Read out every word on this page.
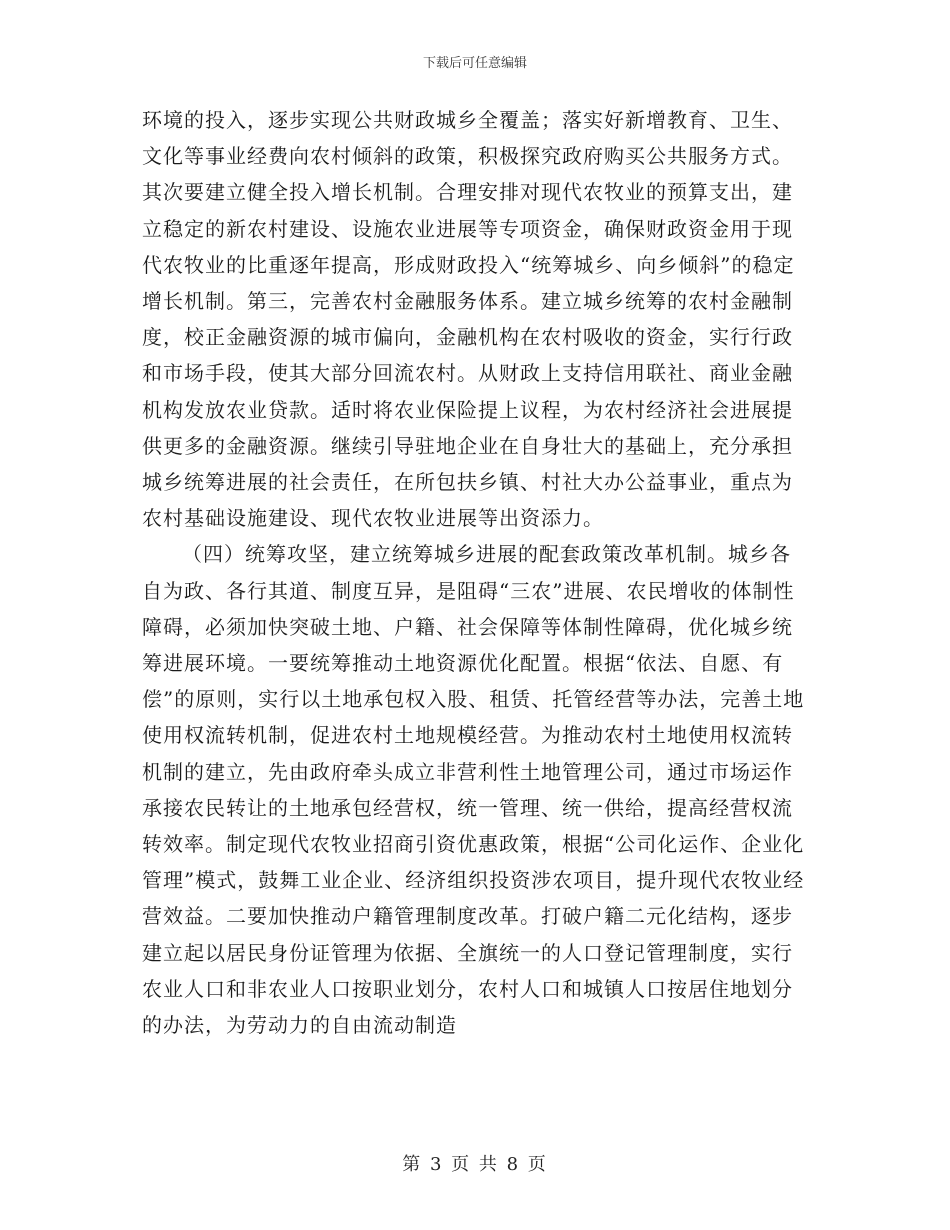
下载后可任意编辑

环境的投入，逐步实现公共财政城乡全覆盖；落实好新增教育、卫生、文化等事业经费向农村倾斜的政策，积极探究政府购买公共服务方式。其次要建立健全投入增长机制。合理安排对现代农牧业的预算支出，建立稳定的新农村建设、设施农业进展等专项资金，确保财政资金用于现代农牧业的比重逐年提高，形成财政投入“统筹城乡、向乡倾斜”的稳定增长机制。第三，完善农村金融服务体系。建立城乡统筹的农村金融制度，校正金融资源的城市偏向，金融机构在农村吸收的资金，实行行政和市场手段，使其大部分回流农村。从财政上支持信用联社、商业金融机构发放农业贷款。适时将农业保险提上议程，为农村经济社会进展提供更多的金融资源。继续引导驻地企业在自身壮大的基础上，充分承担城乡统筹进展的社会责任，在所包扶乡镇、村社大办公益事业，重点为农村基础设施建设、现代农牧业进展等出资添力。

（四）统筹攻坚，建立统筹城乡进展的配套政策改革机制。城乡各自为政、各行其道、制度互异，是阻碍“三农”进展、农民增收的体制性障碍，必须加快突破土地、户籍、社会保障等体制性障碍，优化城乡统筹进展环境。一要统筹推动土地资源优化配置。根据“依法、自愿、有偿”的原则，实行以土地承包权入股、租赁、托管经营等办法，完善土地使用权流转机制，促进农村土地规模经营。为推动农村土地使用权流转机制的建立，先由政府牵头成立非营利性土地管理公司，通过市场运作承接农民转让的土地承包经营权，统一管理、统一供给，提高经营权流转效率。制定现代农牧业招商引资优惠政策，根据“公司化运作、企业化管理”模式，鼓舞工业企业、经济组织投资涉农项目，提升现代农牧业经营效益。二要加快推动户籍管理制度改革。打破户籍二元化结构，逐步建立起以居民身份证管理为依据、全旗统一的人口登记管理制度，实行农业人口和非农业人口按职业划分，农村人口和城镇人口按居住地划分的办法，为劳动力的自由流动制造

第 3 页 共 8 页
